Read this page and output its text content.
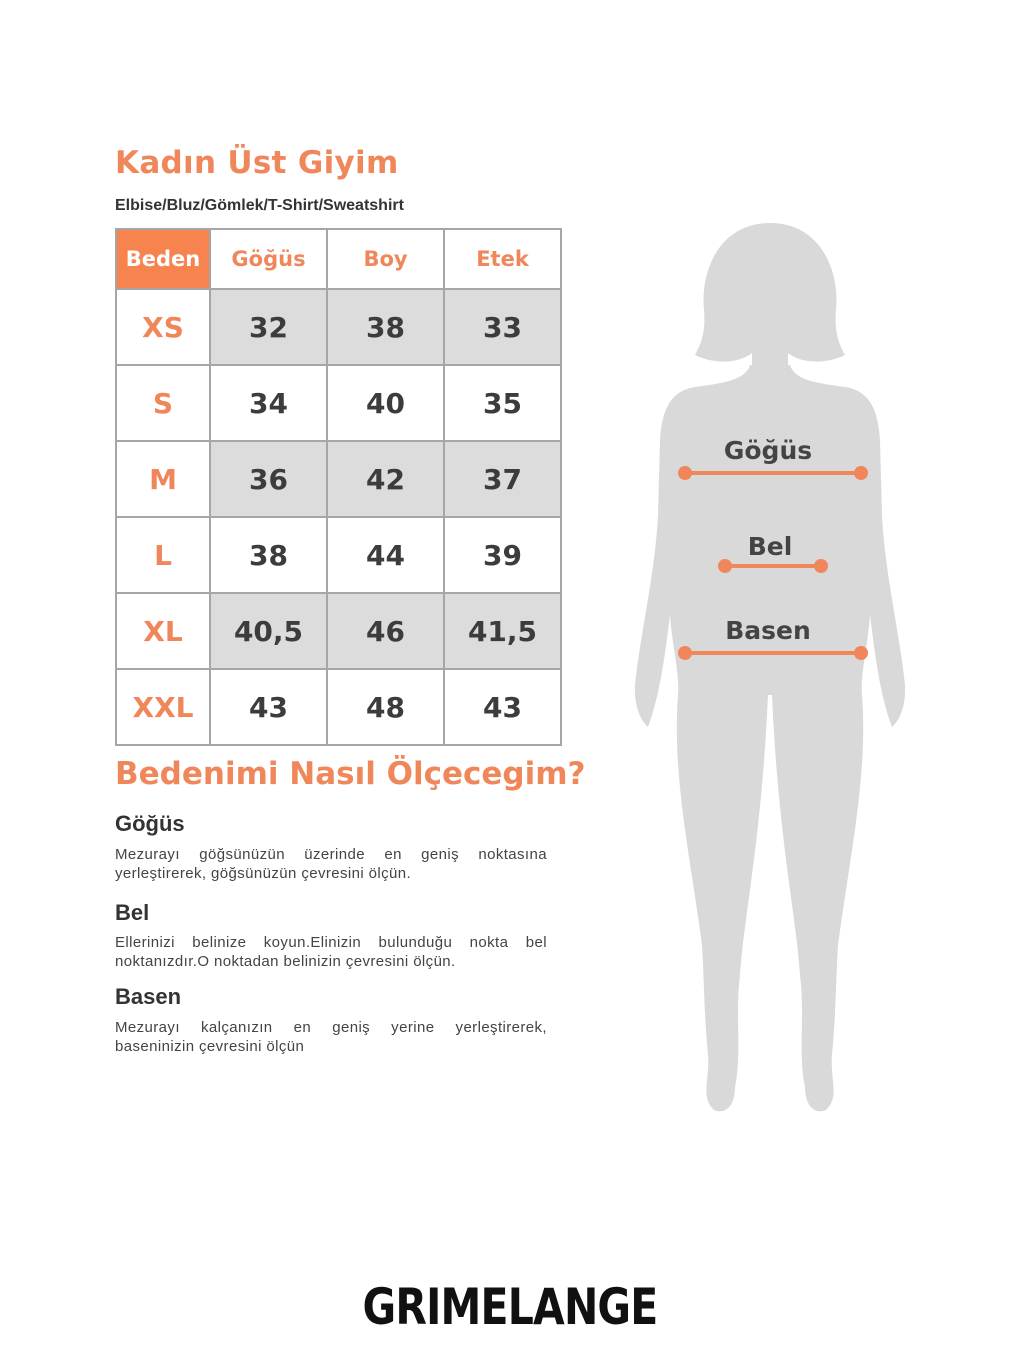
Kadın Üst Giyim
Elbise/Bluz/Gömlek/T-Shirt/Sweatshirt
Beden	Göğüs	Boy	Etek
XS	32	38	33
S	34	40	35
M	36	42	37
L	38	44	39
XL	40,5	46	41,5
XXL	43	48	43
Bedenimi Nasıl Ölçecegim?
Göğüs
Mezurayı göğsünüzün üzerinde en geniş noktasına yerleştirerek, göğsünüzün çevresini ölçün.
Bel
Ellerinizi belinize koyun.Elinizin bulunduğu nokta bel noktanızdır.O noktadan belinizin çevresini ölçün.
Basen
Mezurayı kalçanızın en geniş yerine yerleştirerek, baseninizin çevresini ölçün
Göğüs
Bel
Basen
GRIMELANGE
